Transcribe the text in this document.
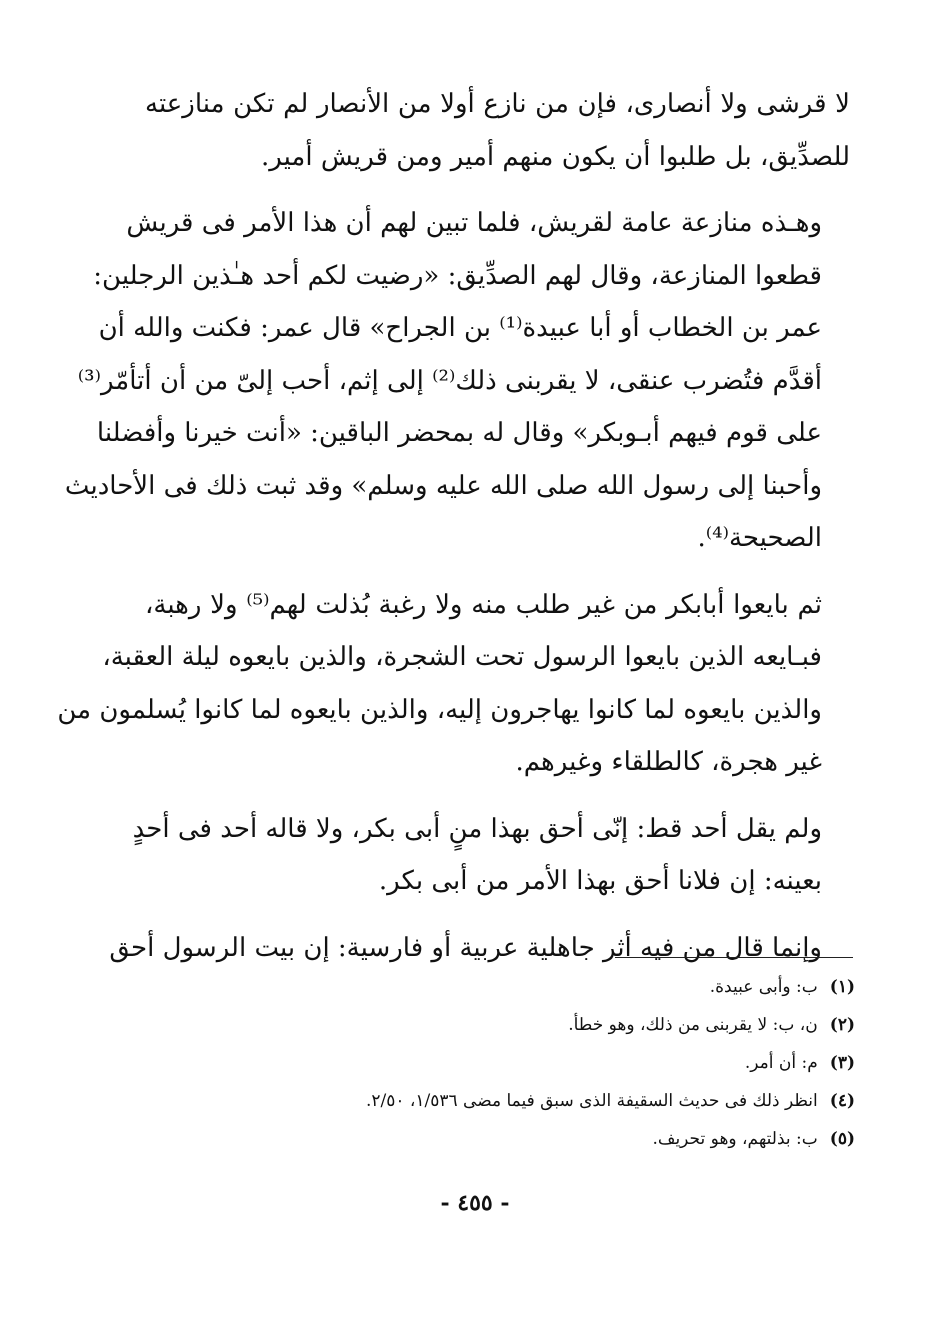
لا قرشى ولا أنصارى، فإن من نازع أولا من الأنصار لم تكن منازعته
للصدِّيق، بل طلبوا أن يكون منهم أمير ومن قريش أمير.

وهـذه منازعة عامة لقريش، فلما تبين لهم أن هذا الأمر فى قريش
قطعوا المنازعة، وقال لهم الصدِّيق: «رضيت لكم أحد هـٰذين الرجلين:
عمر بن الخطاب أو أبا عبيدة⁽¹⁾ بن الجراح» قال عمر: فكنت والله أن
أقدَّم فتُضرب عنقى، لا يقربنى ذلك⁽²⁾ إلى إثم، أحب إلىّ من أن أتأمّر⁽³⁾
على قوم فيهم أبـوبكر» وقال له بمحضر الباقين: «أنت خيرنا وأفضلنا
وأحبنا إلى رسول الله صلى الله عليه وسلم» وقد ثبت ذلك فى الأحاديث
الصحيحة⁽⁴⁾.

ثم بايعوا أبابكر من غير طلب منه ولا رغبة بُذلت لهم⁽⁵⁾ ولا رهبة،
فبـايعه الذين بايعوا الرسول تحت الشجرة، والذين بايعوه ليلة العقبة،
والذين بايعوه لما كانوا يهاجرون إليه، والذين بايعوه لما كانوا يُسلمون من
غير هجرة، كالطلقاء وغيرهم.

ولم يقل أحد قط: إنّى أحق بهذا منٍ أبى بكر، ولا قاله أحد فى أحدٍ
بعينه: إن فلانا أحق بهذا الأمر من أبى بكر.

وإنما قال من فيه أثر جاهلية عربية أو فارسية: إن بيت الرسول أحق

(١)ب: وأبى عبيدة.
(٢)ن، ب: لا يقربنى من ذلك، وهو خطأ.
(٣)م: أن أمر.
(٤)انظر ذلك فى حديث السقيفة الذى سبق فيما مضى ١/٥٣٦، ٢/٥٠.
(٥)ب: بذلتهم، وهو تحريف.
- ٤٥٥ -
